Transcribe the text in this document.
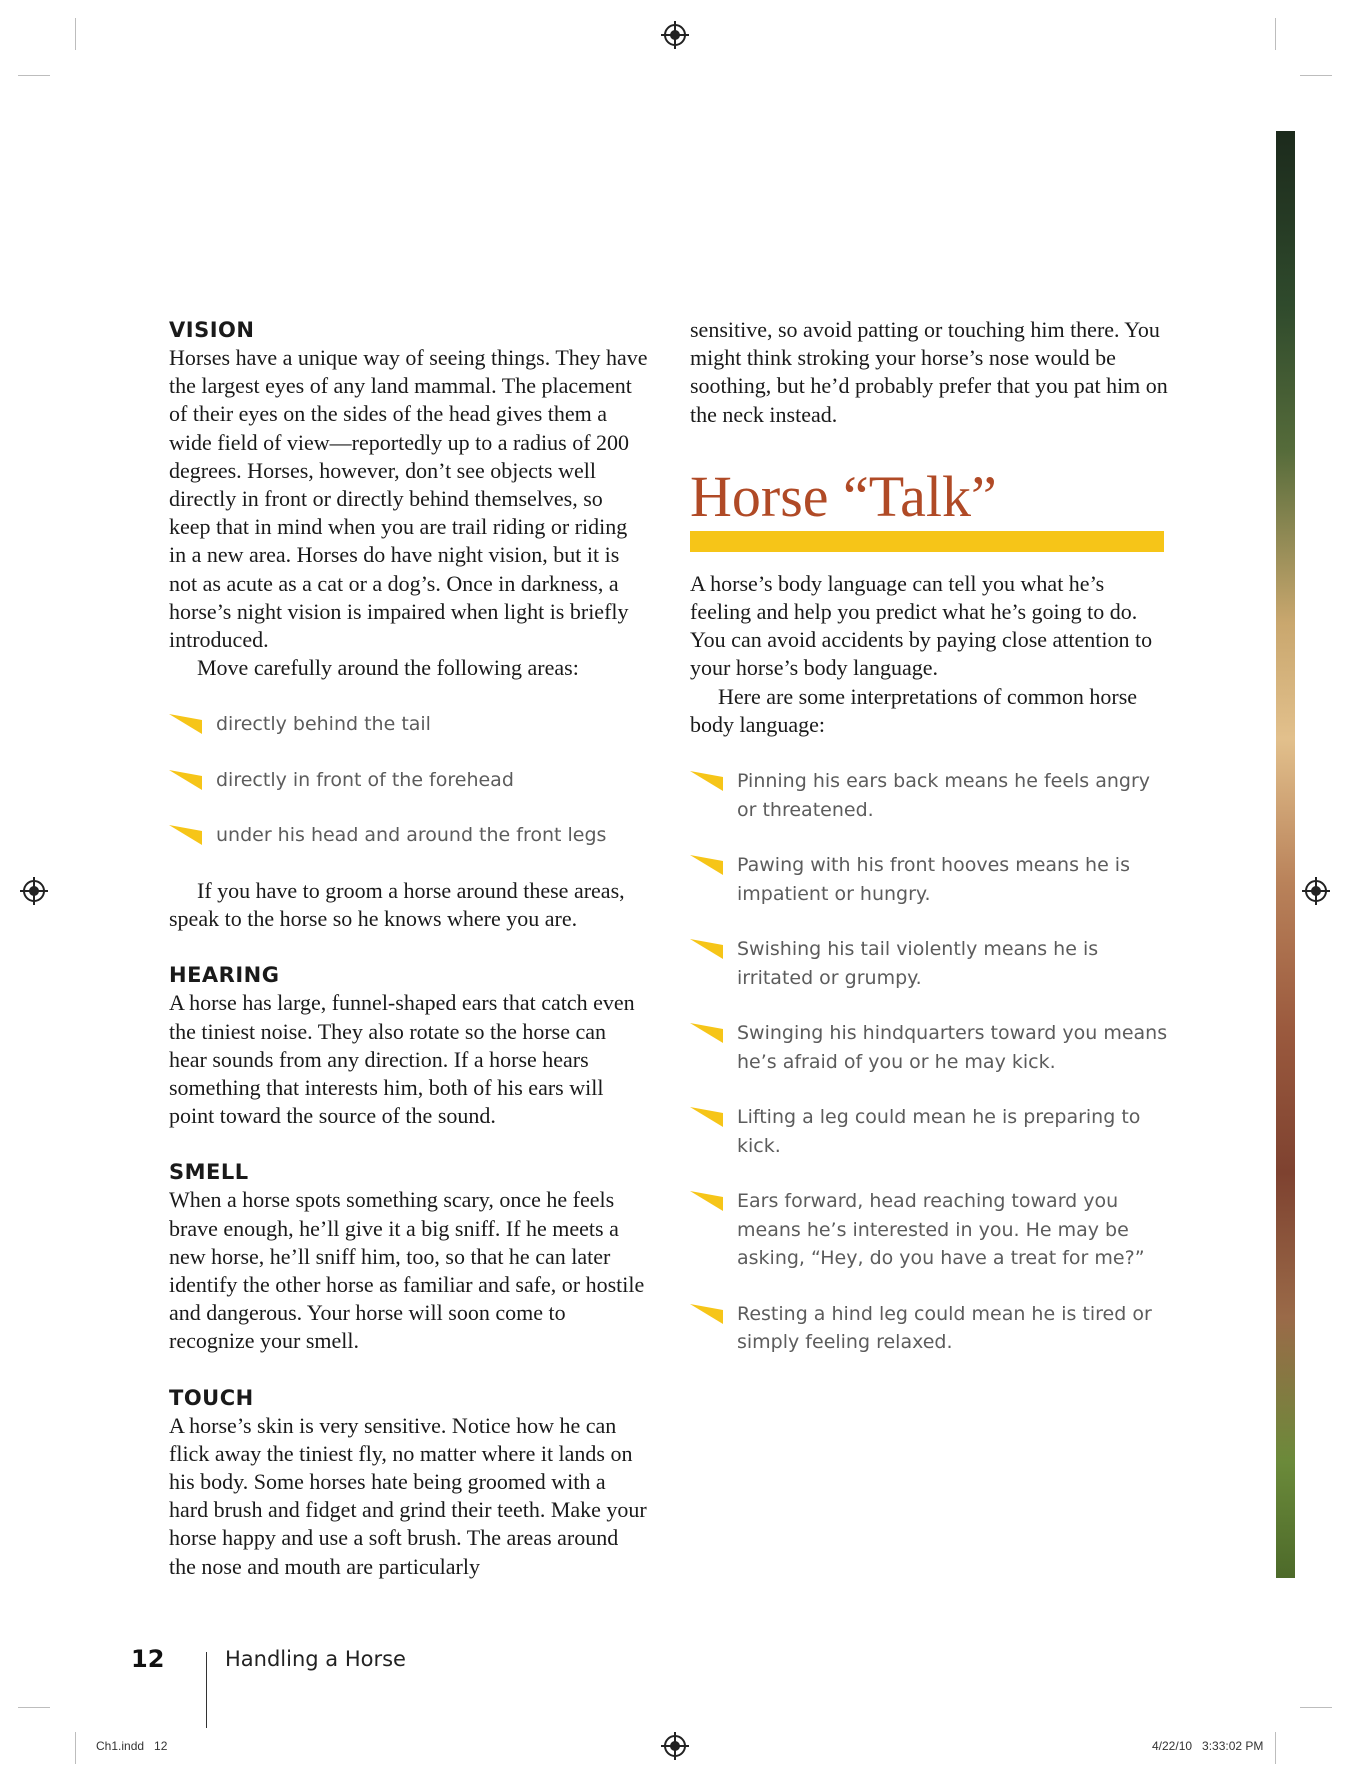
VISION

Horses have a unique way of seeing things. They have the largest eyes of any land mammal. The placement of their eyes on the sides of the head gives them a wide field of view—reportedly up to a radius of 200 degrees. Horses, however, don’t see objects well directly in front or directly behind themselves, so keep that in mind when you are trail riding or riding in a new area. Horses do have night vision, but it is not as acute as a cat or a dog’s. Once in darkness, a horse’s night vision is impaired when light is briefly introduced.

Move carefully around the following areas:

directly behind the tail
directly in front of the forehead
under his head and around the front legs

If you have to groom a horse around these areas, speak to the horse so he knows where you are.

HEARING

A horse has large, funnel-shaped ears that catch even the tiniest noise. They also rotate so the horse can hear sounds from any direction. If a horse hears something that interests him, both of his ears will point toward the source of the sound.

SMELL

When a horse spots something scary, once he feels brave enough, he’ll give it a big sniff. If he meets a new horse, he’ll sniff him, too, so that he can later identify the other horse as familiar and safe, or hostile and dangerous. Your horse will soon come to recognize your smell.

TOUCH

A horse’s skin is very sensitive. Notice how he can flick away the tiniest fly, no matter where it lands on his body. Some horses hate being groomed with a hard brush and fidget and grind their teeth. Make your horse happy and use a soft brush. The areas around the nose and mouth are particularly

sensitive, so avoid patting or touching him there. You might think stroking your horse’s nose would be soothing, but he’d probably prefer that you pat him on the neck instead.

Horse “Talk”

A horse’s body language can tell you what he’s feeling and help you predict what he’s going to do. You can avoid accidents by paying close attention to your horse’s body language.

Here are some interpretations of common horse body language:

Pinning his ears back means he feels angry or threatened.
Pawing with his front hooves means he is impatient or hungry.
Swishing his tail violently means he is irritated or grumpy.
Swinging his hindquarters toward you means he’s afraid of you or he may kick.
Lifting a leg could mean he is preparing to kick.
Ears forward, head reaching toward you means he’s interested in you. He may be asking, “Hey, do you have a treat for me?”
Resting a hind leg could mean he is tired or simply feeling relaxed.
12	Handling a Horse
Ch1.indd   12	4/22/10   3:33:02 PM
